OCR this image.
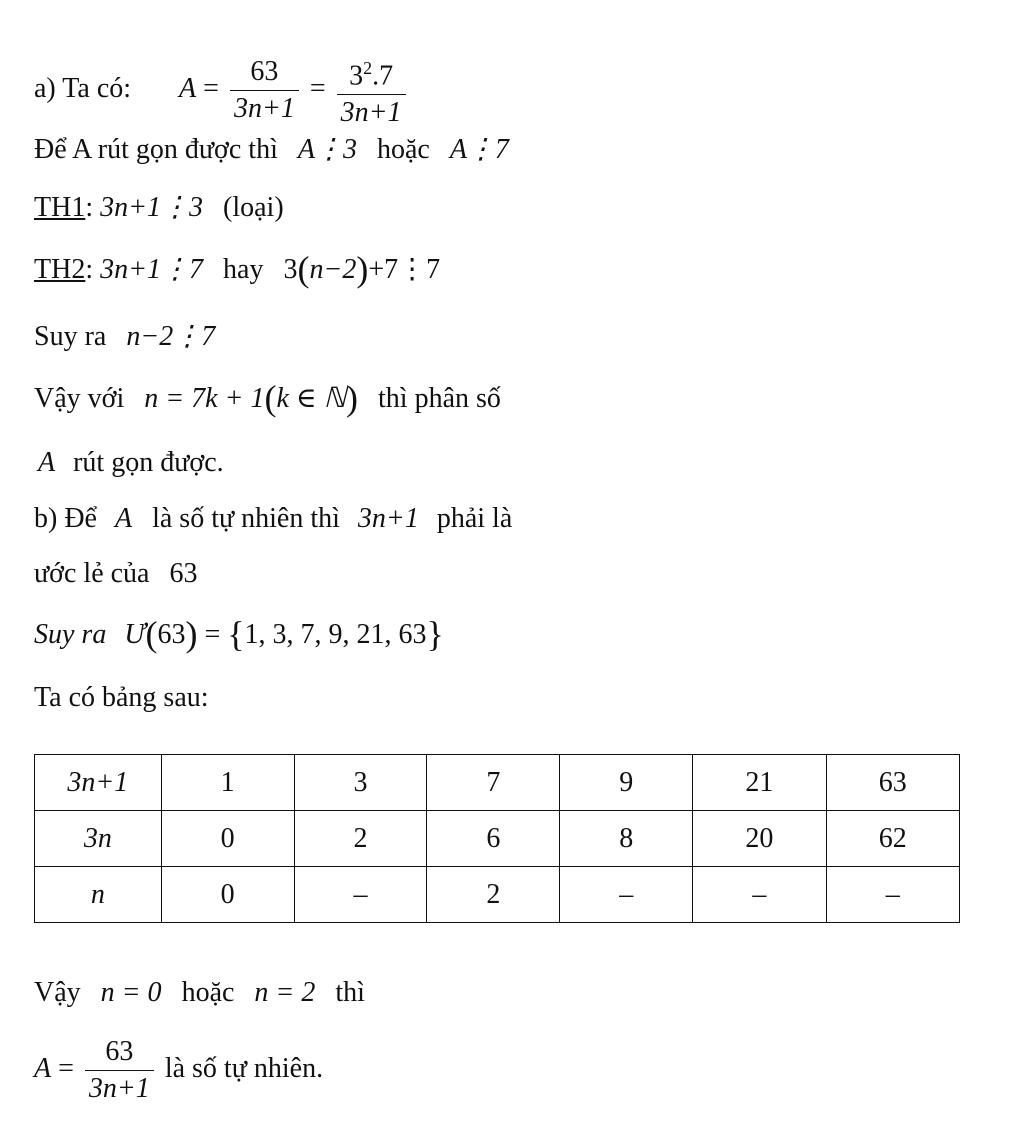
a) Ta có: $A = \frac{63}{3n+1} = \frac{3^2.7}{3n+1}$
Để A rút gọn được thì A⋮3 hoặc A⋮7
TH1: 3n+1⋮3 (loại)
TH2: 3n+1⋮7 hay 3(n−2)+7⋮7
Suy ra n−2⋮7
Vậy với n = 7k + 1(k ∈ ℕ) thì phân số
A rút gọn được.
b) Để A là số tự nhiên thì 3n+1 phải là
ước lẻ của 63
Suy ra Ư(63) = {1, 3, 7, 9, 21, 63}
Ta có bảng sau:
3n+1	1	3	7	9	21	63
3n	0	2	6	8	20	62
n	0	–	2	–	–	–
Vậy n = 0 hoặc n = 2 thì
$A = \frac{63}{3n+1}$ là số tự nhiên.
